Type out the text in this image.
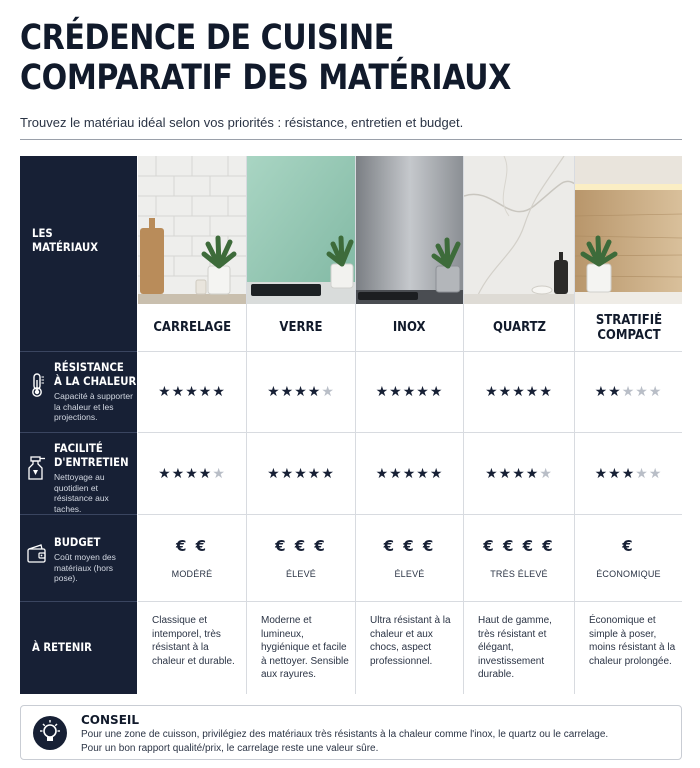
CRÉDENCE DE CUISINE
COMPARATIF DES MATÉRIAUX
Trouvez le matériau idéal selon vos priorités : résistance, entretien et budget.
LES
MATÉRIAUX
RÉSISTANCE
À LA CHALEUR
Capacité à supporter la chaleur et les projections.
FACILITÉ
D'ENTRETIEN
Nettoyage au quotidien et résistance aux taches.
BUDGET
Coût moyen des matériaux (hors pose).
À RETENIR
CARRELAGE
★ ★ ★ ★ ★
★ ★ ★ ★ ★
€ €
MODÉRÉ
Classique et intemporel, très résistant à la chaleur et durable.
VERRE
★ ★ ★ ★ ★
★ ★ ★ ★ ★
€ € €
ÉLEVÉ
Moderne et lumineux, hygiénique et facile à nettoyer. Sensible aux rayures.
INOX
★ ★ ★ ★ ★
★ ★ ★ ★ ★
€ € €
ÉLEVÉ
Ultra résistant à la chaleur et aux chocs, aspect professionnel.
QUARTZ
★ ★ ★ ★ ★
★ ★ ★ ★ ★
€ € € €
TRÈS ÉLEVÉ
Haut de gamme, très résistant et élégant, investissement durable.
STRATIFIÉ COMPACT
★ ★ ★ ★ ★
★ ★ ★ ★ ★
€
ÉCONOMIQUE
Économique et simple à poser, moins résistant à la chaleur prolongée.
CONSEIL
Pour une zone de cuisson, privilégiez des matériaux très résistants à la chaleur comme l'inox, le quartz ou le carrelage.
Pour un bon rapport qualité/prix, le carrelage reste une valeur sûre.
